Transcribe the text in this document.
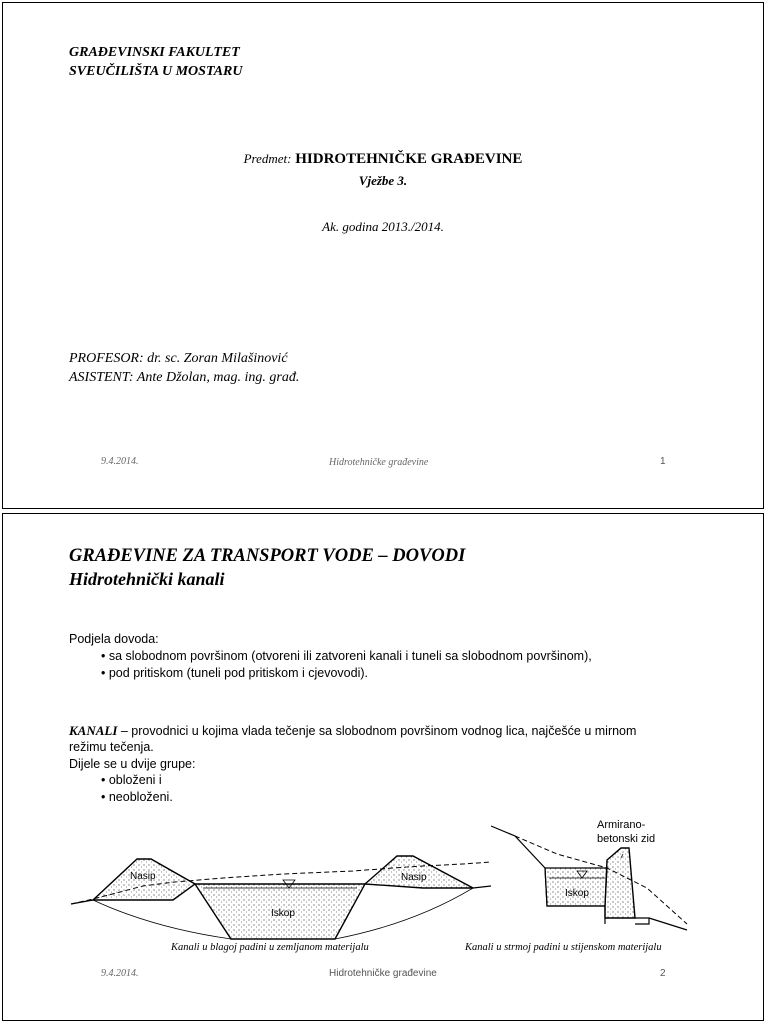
GRAĐEVINSKI FAKULTET
SVEUČILIŠTA U MOSTARU
Predmet: HIDROTEHNIČKE GRAĐEVINE
Vježbe 3.
Ak. godina 2013./2014.
PROFESOR: dr. sc. Zoran Milašinović
ASISTENT: Ante Džolan, mag. ing. građ.
9.4.2014.	Hidrotehničke građevine	1
GRAĐEVINE ZA TRANSPORT VODE – DOVODI
Hidrotehnički kanali
Podjela dovoda:
• sa slobodnom površinom (otvoreni ili zatvoreni kanali i tuneli sa slobodnom površinom),
• pod pritiskom (tuneli pod pritiskom i cjevovodi).
KANALI – provodnici u kojima vlada tečenje sa slobodnom površinom vodnog lica, najčešće u mirnom
režimu tečenja.
Dijele se u dvije grupe:
• obloženi i
• neobloženi.
Nasip	Nasip
Iskop
Armirano-
betonski zid
Iskop
Kanali u blagoj padini u zemljanom materijalu	Kanali u strmoj padini u stijenskom materijalu
9.4.2014.	Hidrotehničke građevine	2
